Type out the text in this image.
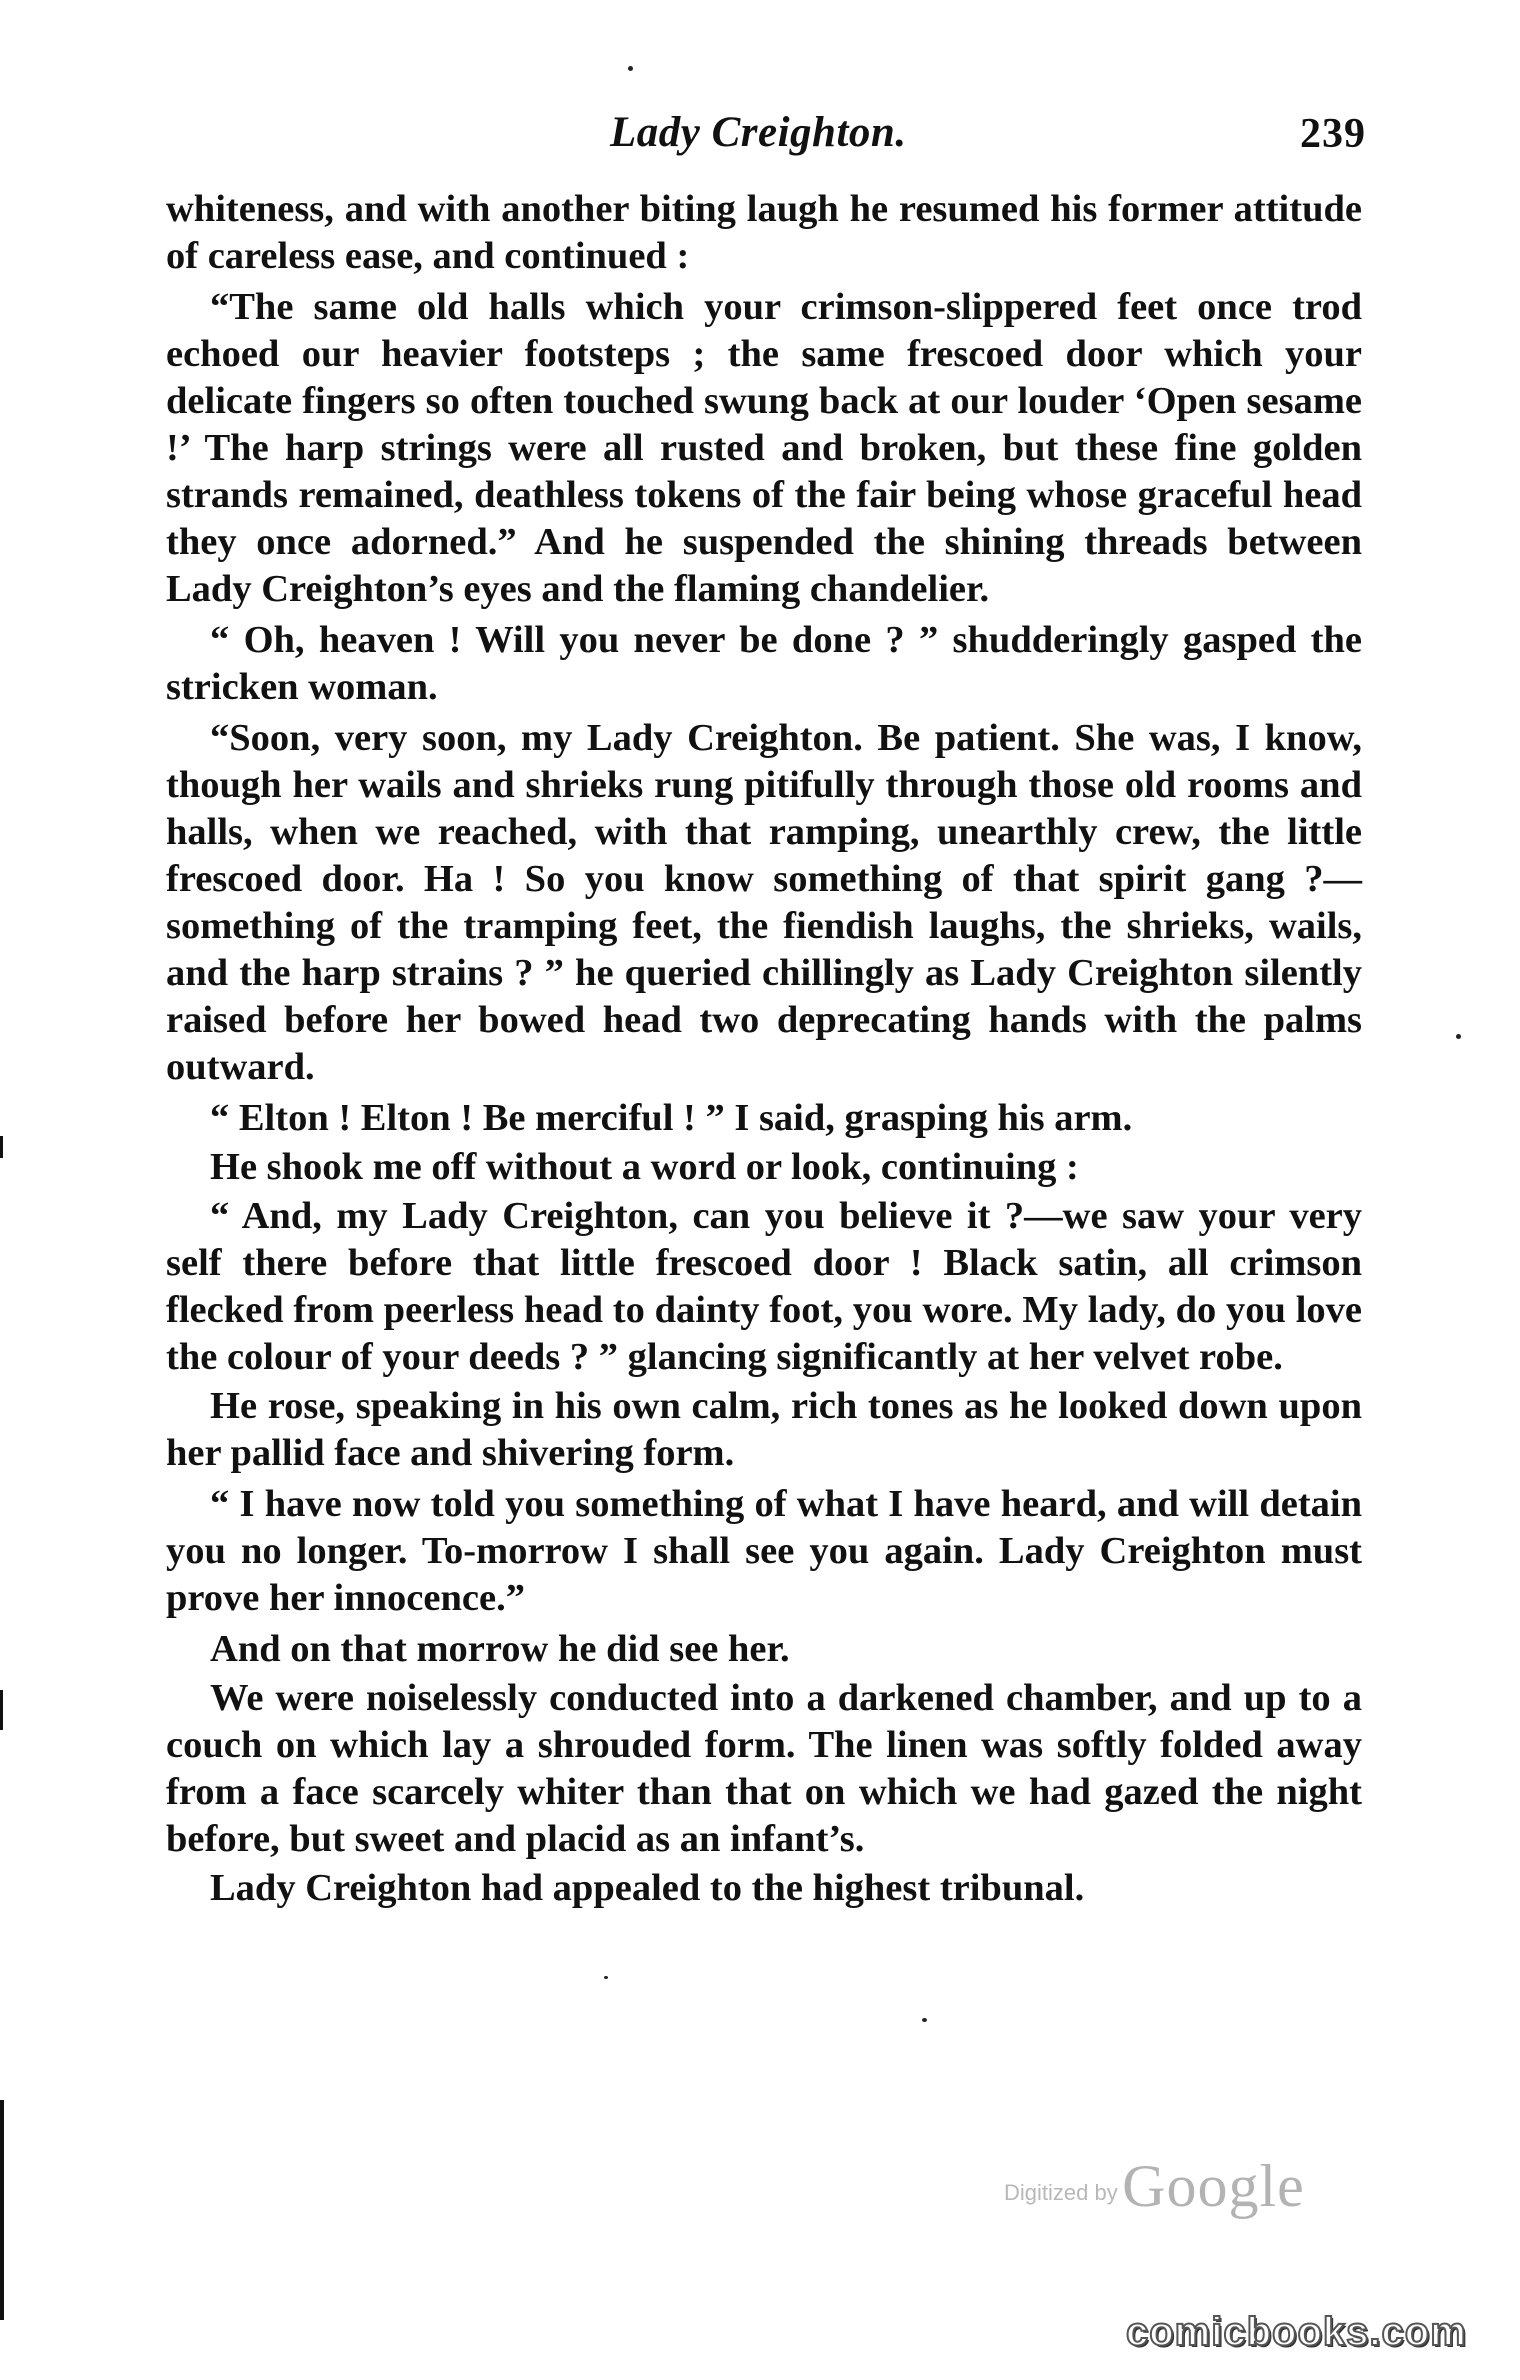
Lady Creighton.	239

whiteness, and with another biting laugh he resumed his former attitude of careless ease, and continued :

“The same old halls which your crimson-slippered feet once trod echoed our heavier footsteps ; the same frescoed door which your delicate fingers so often touched swung back at our louder ‘Open sesame !’ The harp strings were all rusted and broken, but these fine golden strands remained, deathless tokens of the fair being whose graceful head they once adorned.” And he suspended the shining threads between Lady Creighton’s eyes and the flaming chandelier.

“ Oh, heaven ! Will you never be done ? ” shudderingly gasped the stricken woman.

“Soon, very soon, my Lady Creighton. Be patient. She was, I know, though her wails and shrieks rung pitifully through those old rooms and halls, when we reached, with that ramping, unearthly crew, the little frescoed door. Ha ! So you know something of that spirit gang ?—something of the tramping feet, the fiendish laughs, the shrieks, wails, and the harp strains ? ” he queried chillingly as Lady Creighton silently raised before her bowed head two deprecating hands with the palms outward.

“ Elton ! Elton ! Be merciful ! ” I said, grasping his arm.

He shook me off without a word or look, continuing :

“ And, my Lady Creighton, can you believe it ?—we saw your very self there before that little frescoed door ! Black satin, all crimson flecked from peerless head to dainty foot, you wore. My lady, do you love the colour of your deeds ? ” glancing significantly at her velvet robe.

He rose, speaking in his own calm, rich tones as he looked down upon her pallid face and shivering form.

“ I have now told you something of what I have heard, and will detain you no longer. To-morrow I shall see you again. Lady Creighton must prove her innocence.”

And on that morrow he did see her.

We were noiselessly conducted into a darkened chamber, and up to a couch on which lay a shrouded form. The linen was softly folded away from a face scarcely whiter than that on which we had gazed the night before, but sweet and placid as an infant’s.

Lady Creighton had appealed to the highest tribunal.

Digitized by Google
comicbooks.com
